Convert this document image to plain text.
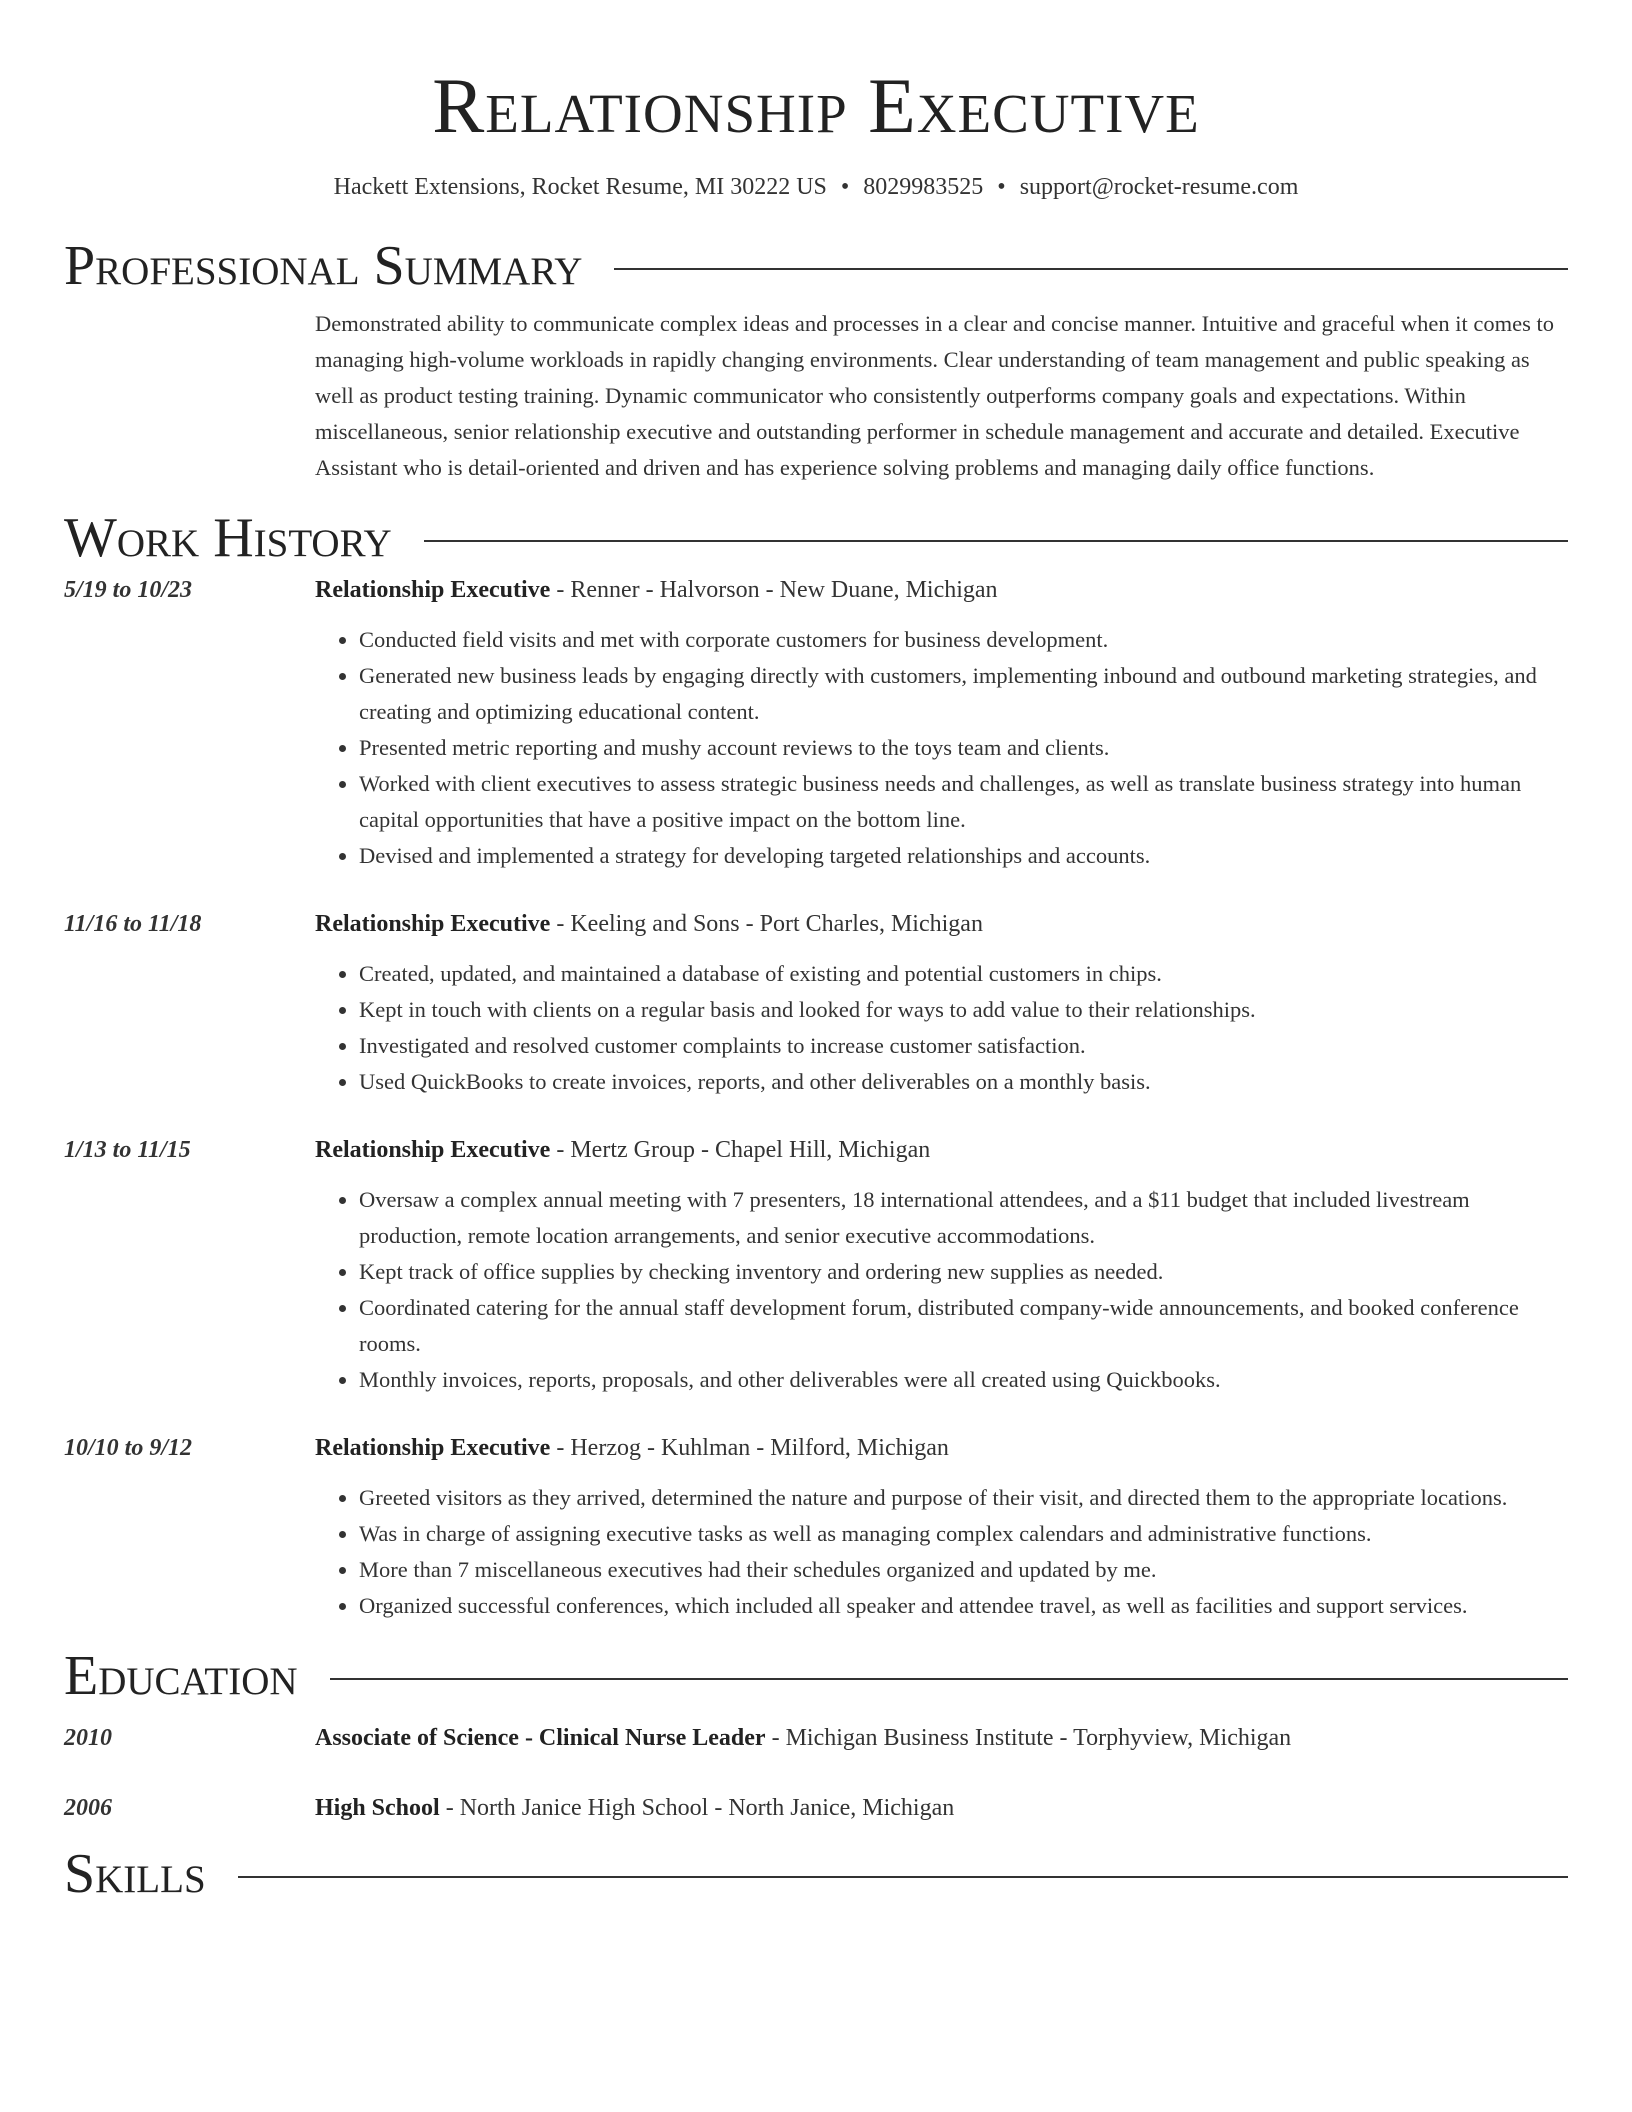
Relationship Executive
Hackett Extensions, Rocket Resume, MI 30222 US • 8029983525 • support@rocket-resume.com
Professional Summary
Demonstrated ability to communicate complex ideas and processes in a clear and concise manner. Intuitive and graceful when it comes to managing high-volume workloads in rapidly changing environments. Clear understanding of team management and public speaking as well as product testing training. Dynamic communicator who consistently outperforms company goals and expectations. Within miscellaneous, senior relationship executive and outstanding performer in schedule management and accurate and detailed. Executive Assistant who is detail-oriented and driven and has experience solving problems and managing daily office functions.
Work History
5/19 to 10/23	Relationship Executive - Renner - Halvorson - New Duane, Michigan
• Conducted field visits and met with corporate customers for business development.
• Generated new business leads by engaging directly with customers, implementing inbound and outbound marketing strategies, and creating and optimizing educational content.
• Presented metric reporting and mushy account reviews to the toys team and clients.
• Worked with client executives to assess strategic business needs and challenges, as well as translate business strategy into human capital opportunities that have a positive impact on the bottom line.
• Devised and implemented a strategy for developing targeted relationships and accounts.
11/16 to 11/18	Relationship Executive - Keeling and Sons - Port Charles, Michigan
• Created, updated, and maintained a database of existing and potential customers in chips.
• Kept in touch with clients on a regular basis and looked for ways to add value to their relationships.
• Investigated and resolved customer complaints to increase customer satisfaction.
• Used QuickBooks to create invoices, reports, and other deliverables on a monthly basis.
1/13 to 11/15	Relationship Executive - Mertz Group - Chapel Hill, Michigan
• Oversaw a complex annual meeting with 7 presenters, 18 international attendees, and a $11 budget that included livestream production, remote location arrangements, and senior executive accommodations.
• Kept track of office supplies by checking inventory and ordering new supplies as needed.
• Coordinated catering for the annual staff development forum, distributed company-wide announcements, and booked conference rooms.
• Monthly invoices, reports, proposals, and other deliverables were all created using Quickbooks.
10/10 to 9/12	Relationship Executive - Herzog - Kuhlman - Milford, Michigan
• Greeted visitors as they arrived, determined the nature and purpose of their visit, and directed them to the appropriate locations.
• Was in charge of assigning executive tasks as well as managing complex calendars and administrative functions.
• More than 7 miscellaneous executives had their schedules organized and updated by me.
• Organized successful conferences, which included all speaker and attendee travel, as well as facilities and support services.
Education
2010	Associate of Science - Clinical Nurse Leader - Michigan Business Institute - Torphyview, Michigan
2006	High School - North Janice High School - North Janice, Michigan
Skills
